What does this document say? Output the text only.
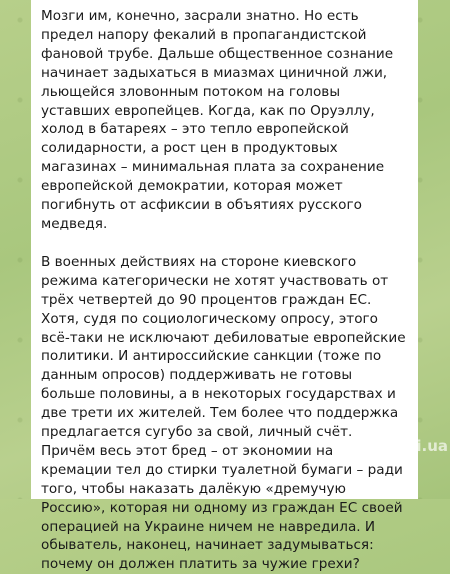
Мозги им, конечно, засрали знатно. Но есть предел напору фекалий в пропагандистской фановой трубе. Дальше общественное сознание начинает задыхаться в миазмах циничной лжи, льющейся зловонным потоком на головы уставших европейцев. Когда, как по Оруэллу, холод в батареях – это тепло европейской солидарности, а рост цен в продуктовых магазинах – минимальная плата за сохранение европейской демократии, которая может погибнуть от асфиксии в объятиях русского медведя.

В военных действиях на стороне киевского режима категорически не хотят участвовать от трёх четвертей до 90 процентов граждан ЕС. Хотя, судя по социологическому опросу, этого всё-таки не исключают дебиловатые европейские политики. И антироссийские санкции (тоже по данным опросов) поддерживать не готовы больше половины, а в некоторых государствах и две трети их жителей. Тем более что поддержка предлагается сугубо за свой, личный счёт. Причём весь этот бред – от экономии на кремации тел до стирки туалетной бумаги – ради того, чтобы наказать далёкую «дремучую Россию», которая ни одному из граждан ЕС своей операцией на Украине ничем не навредила. И обыватель, наконец, начинает задумываться: почему он должен платить за чужие грехи?

i.ua
